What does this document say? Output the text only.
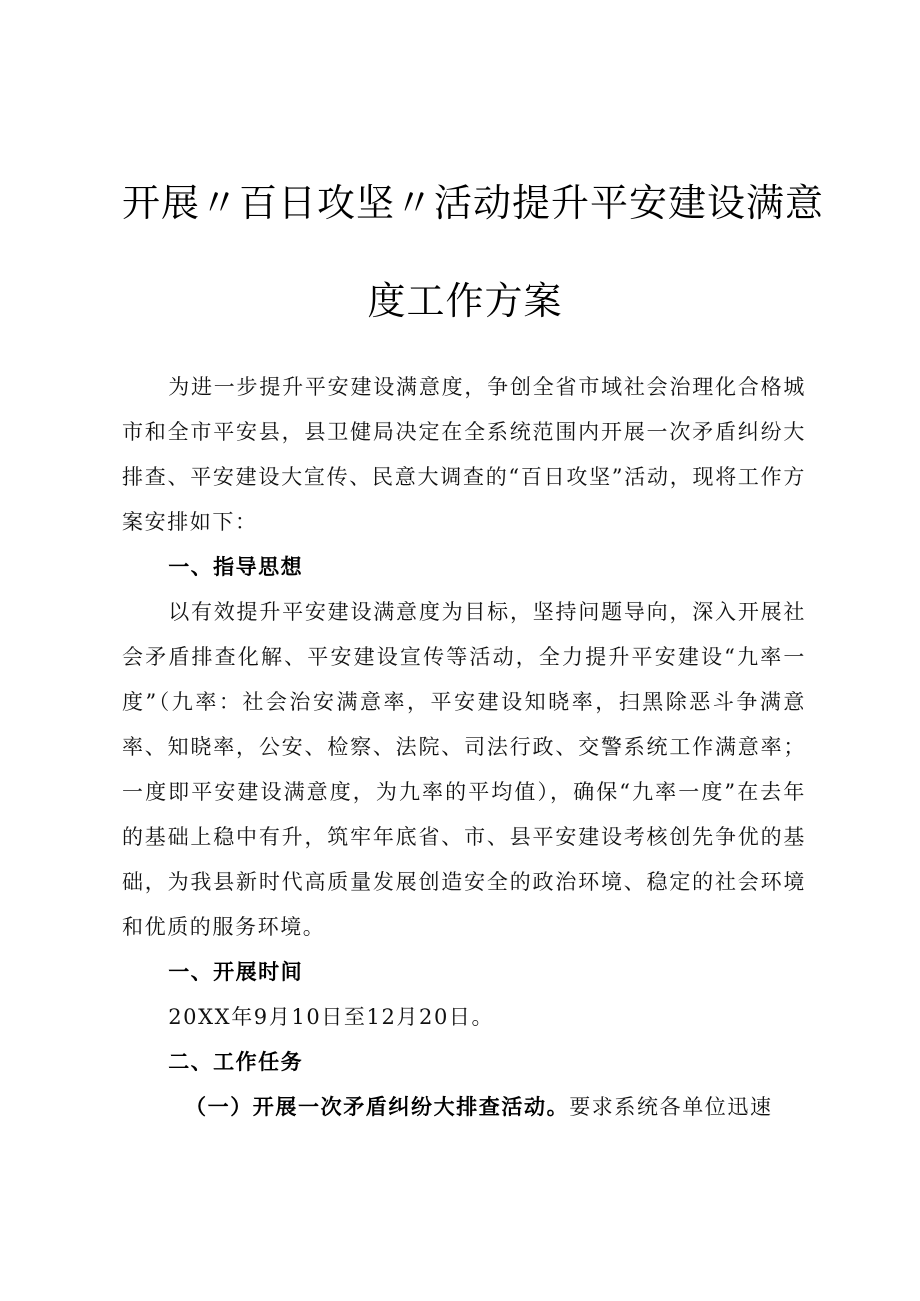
开展〃百日攻坚〃活动提升平安建设满意
度工作方案

为进一步提升平安建设满意度，争创全省市域社会治理化合格城市和全市平安县，县卫健局决定在全系统范围内开展一次矛盾纠纷大排查、平安建设大宣传、民意大调查的“百日攻坚”活动，现将工作方案安排如下：

一、指导思想

以有效提升平安建设满意度为目标，坚持问题导向，深入开展社会矛盾排查化解、平安建设宣传等活动，全力提升平安建设“九率一度”（九率：社会治安满意率，平安建设知晓率，扫黑除恶斗争满意率、知晓率，公安、检察、法院、司法行政、交警系统工作满意率；一度即平安建设满意度，为九率的平均值），确保“九率一度”在去年的基础上稳中有升，筑牢年底省、市、县平安建设考核创先争优的基础，为我县新时代高质量发展创造安全的政治环境、稳定的社会环境和优质的服务环境。

一、开展时间

20XX年9月10日至12月20日。

二、工作任务

（一）开展一次矛盾纠纷大排查活动。要求系统各单位迅速
